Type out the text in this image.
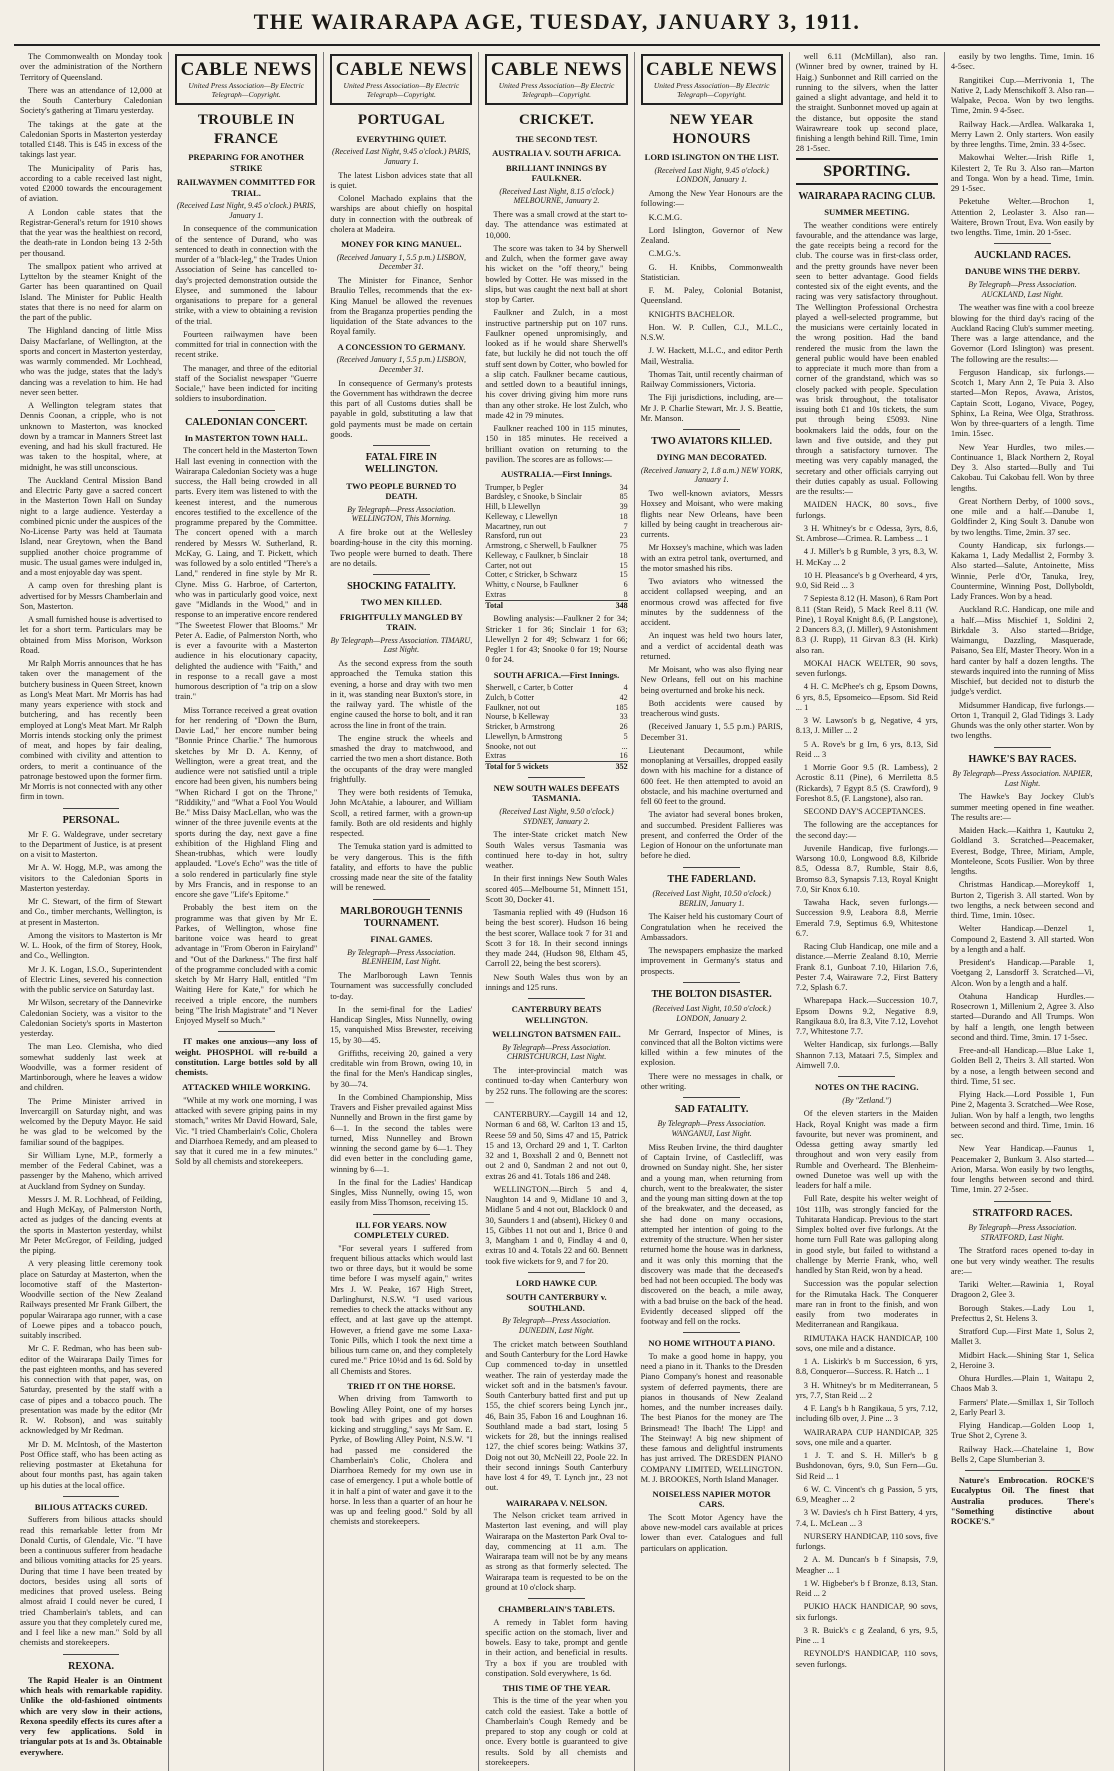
THE WAIRARAPA AGE, TUESDAY, JANUARY 3, 1911.

The Commonwealth on Monday took over the administration of the Northern Territory of Queensland.

There was an attendance of 12,000 at the South Canterbury Caledonian Society's gathering at Timaru yesterday.

The takings at the gate at the Caledonian Sports in Masterton yesterday totalled £148. This is £45 in excess of the takings last year.

The Municipality of Paris has, according to a cable received last night, voted £2000 towards the encouragement of aviation.

A London cable states that the Registrar-General's return for 1910 shows that the year was the healthiest on record, the death-rate in London being 13 2-5th per thousand.

The smallpox patient who arrived at Lyttelton by the steamer Knight of the Garter has been quarantined on Quail Island. The Minister for Public Health states that there is no need for alarm on the part of the public.

The Highland dancing of little Miss Daisy Macfarlane, of Wellington, at the sports and concert in Masterton yesterday, was warmly commended. Mr Lochhead, who was the judge, states that the lady's dancing was a revelation to him. He had never seen better.

A Wellington telegram states that Dennis Coonan, a cripple, who is not unknown to Masterton, was knocked down by a tramcar in Manners Street last evening, and had his skull fractured. He was taken to the hospital, where, at midnight, he was still unconscious.

The Auckland Central Mission Band and Electric Party gave a sacred concert in the Masterton Town Hall on Sunday night to a large audience. Yesterday a combined picnic under the auspices of the No-License Party was held at Taumata Island, near Greytown, when the Band supplied another choice programme of music. The usual games were indulged in, and a most enjoyable day was spent.

A camp oven for threshing plant is advertised for by Messrs Chamberlain and Son, Masterton.

A small furnished house is advertised to let for a short term. Particulars may be obtained from Miss Morison, Workson Road.

Mr Ralph Morris announces that he has taken over the management of the butchery business in Queen Street, known as Long's Meat Mart. Mr Morris has had many years experience with stock and butchering, and has recently been employed at Long's Meat Mart. Mr Ralph Morris intends stocking only the primest of meat, and hopes by fair dealing, combined with civility and attention to orders, to merit a continuance of the patronage bestowed upon the former firm. Mr Morris is not connected with any other firm in town.

PERSONAL.

Mr F. G. Waldegrave, under secretary to the Department of Justice, is at present on a visit to Masterton.

Mr A. W. Hogg, M.P., was among the visitors to the Caledonian Sports in Masterton yesterday.

Mr C. Stewart, of the firm of Stewart and Co., timber merchants, Wellington, is at present in Masterton.

Among the visitors to Masterton is Mr W. L. Hook, of the firm of Storey, Hook, and Co., Wellington.

Mr J. K. Logan, I.S.O., Superintendent of Electric Lines, severed his connection with the public service on Saturday last.

Mr Wilson, secretary of the Dannevirke Caledonian Society, was a visitor to the Caledonian Society's sports in Masterton yesterday.

The man Leo. Clemisha, who died somewhat suddenly last week at Woodville, was a former resident of Martinborough, where he leaves a widow and children.

The Prime Minister arrived in Invercargill on Saturday night, and was welcomed by the Deputy Mayor. He said he was glad to be welcomed by the familiar sound of the bagpipes.

Sir William Lyne, M.P., formerly a member of the Federal Cabinet, was a passenger by the Maheno, which arrived at Auckland from Sydney on Sunday.

Messrs J. M. R. Lochhead, of Feilding, and Hugh McKay, of Palmerston North, acted as judges of the dancing events at the sports in Masterton yesterday, whilst Mr Peter McGregor, of Feilding, judged the piping.

A very pleasing little ceremony took place on Saturday at Masterton, when the locomotive staff of the Masterton-Woodville section of the New Zealand Railways presented Mr Frank Gilbert, the popular Wairarapa ago runner, with a case of Loewe pipes and a tobacco pouch, suitably inscribed.

Mr C. F. Redman, who has been sub-editor of the Wairarapa Daily Times for the past eighteen months, and has severed his connection with that paper, was, on Saturday, presented by the staff with a case of pipes and a tobacco pouch. The presentation was made by the editor (Mr R. W. Robson), and was suitably acknowledged by Mr Redman.

Mr D. M. McIntosh, of the Masterton Post Office staff, who has been acting as relieving postmaster at Eketahuna for about four months past, has again taken up his duties at the local office.

BILIOUS ATTACKS CURED.

Sufferers from bilious attacks should read this remarkable letter from Mr Donald Curtis, of Glendale, Vic. "I have been a continuous sufferer from headache and bilious vomiting attacks for 25 years. During that time I have been treated by doctors, besides using all sorts of medicines that proved useless. Being almost afraid I could never be cured, I tried Chamberlain's tablets, and can assure you that they completely cured me, and I feel like a new man." Sold by all chemists and storekeepers.

REXONA.

The Rapid Healer is an Ointment which heals with remarkable rapidity. Unlike the old-fashioned ointments which are very slow in their actions, Rexona speedily effects its cures after a very few applications. Sold in triangular pots at 1s and 3s. Obtainable everywhere.

CABLE NEWS
United Press Association—By Electric Telegraph—Copyright.
TROUBLE IN FRANCE
PREPARING FOR ANOTHER STRIKE
RAILWAYMEN COMMITTED FOR TRIAL.
(Received Last Night, 9.45 o'clock.) PARIS, January 1.

In consequence of the communication of the sentence of Durand, who was sentenced to death in connection with the murder of a "black-leg," the Trades Union Association of Seine has cancelled to-day's projected demonstration outside the Elysee, and summoned the labour organisations to prepare for a general strike, with a view to obtaining a revision of the trial.

Fourteen railwaymen have been committed for trial in connection with the recent strike.

The manager, and three of the editorial staff of the Socialist newspaper "Guerre Sociale," have been indicted for inciting soldiers to insubordination.

CALEDONIAN CONCERT.
In MASTERTON TOWN HALL.

The concert held in the Masterton Town Hall last evening in connection with the Wairarapa Caledonian Society was a huge success, the Hall being crowded in all parts. Every item was listened to with the keenest interest, and the numerous encores testified to the excellence of the programme prepared by the Committee. The concert opened with a march rendered by Messrs W. Sutherland, R. McKay, G. Laing, and T. Pickett, which was followed by a solo entitled "There's a Land," rendered in fine style by Mr R. Clyne. Miss G. Harbroe, of Carterton, who was in particularly good voice, next gave "Midlands in the Wood," and in response to an imperative encore rendered "The Sweetest Flower that Blooms." Mr Peter A. Eadie, of Palmerston North, who is ever a favourite with a Masterton audience in his elocutionary capacity, delighted the audience with "Faith," and in response to a recall gave a most humorous description of "a trip on a slow train."

Miss Torrance received a great ovation for her rendering of "Down the Burn, Davie Lad," her encore number being "Bonnie Prince Charlie." The humorous sketches by Mr D. A. Kenny, of Wellington, were a great treat, and the audience were not satisfied until a triple encore had been given, his numbers being "When Richard I got on the Throne," "Riddikity," and "What a Fool You Would Be." Miss Daisy MacLellan, who was the winner of the three juvenile events at the sports during the day, next gave a fine exhibition of the Highland Fling and Shean-trubhas, which were loudly applauded. "Love's Echo" was the title of a solo rendered in particularly fine style by Mrs Francis, and in response to an encore she gave "Life's Epitome."

Probably the best item on the programme was that given by Mr E. Parkes, of Wellington, whose fine baritone voice was heard to great advantage in "From Oberon in Fairyland" and "Out of the Darkness." The first half of the programme concluded with a comic sketch by Mr Harry Hall, entitled "I'm Waiting Here for Kate," for which he received a triple encore, the numbers being "The Irish Magistrate" and "I Never Enjoyed Myself so Much."

IT makes one anxious—any loss of weight. PHOSPHOL will re-build a constitution. Large bottles sold by all chemists.

ATTACKED WHILE WORKING.

"While at my work one morning, I was attacked with severe griping pains in my stomach," writes Mr David Howard, Sale, Vic. "I tried Chamberlain's Colic, Cholera and Diarrhoea Remedy, and am pleased to say that it cured me in a few minutes." Sold by all chemists and storekeepers.

CABLE NEWS
United Press Association—By Electric Telegraph—Copyright.
PORTUGAL
EVERYTHING QUIET.
(Received Last Night, 9.45 o'clock.) PARIS, January 1.

The latest Lisbon advices state that all is quiet.

Colonel Machado explains that the warships are about chiefly on hospital duty in connection with the outbreak of cholera at Madeira.

MONEY FOR KING MANUEL.
(Received January 1, 5.5 p.m.) LISBON, December 31.

The Minister for Finance, Senhor Braulio Telles, recommends that the ex-King Manuel be allowed the revenues from the Braganza properties pending the liquidation of the State advances to the Royal family.

A CONCESSION TO GERMANY.
(Received January 1, 5.5 p.m.) LISBON, December 31.

In consequence of Germany's protests the Government has withdrawn the decree this part of all Customs duties shall be payable in gold, substituting a law that gold payments must be made on certain goods.

FATAL FIRE IN WELLINGTON.
TWO PEOPLE BURNED TO DEATH.
By Telegraph—Press Association. WELLINGTON, This Morning.

A fire broke out at the Wellesley boarding-house in the city this morning. Two people were burned to death. There are no details.

SHOCKING FATALITY.
TWO MEN KILLED.
FRIGHTFULLY MANGLED BY TRAIN.
By Telegraph—Press Association. TIMARU, Last Night.

As the second express from the south approached the Temuka station this evening, a horse and dray with two men in it, was standing near Buxton's store, in the railway yard. The whistle of the engine caused the horse to bolt, and it ran across the line in front of the train.

The engine struck the wheels and smashed the dray to matchwood, and carried the two men a short distance. Both the occupants of the dray were mangled frightfully.

They were both residents of Temuka, John McAtahie, a labourer, and William Scoll, a retired farmer, with a grown-up family. Both are old residents and highly respected.

The Temuka station yard is admitted to be very dangerous. This is the fifth fatality, and efforts to have the public crossing made near the site of the fatality will be renewed.

MARLBOROUGH TENNIS TOURNAMENT.
FINAL GAMES.
By Telegraph—Press Association. BLENHEIM, Last Night.

The Marlborough Lawn Tennis Tournament was successfully concluded to-day.

In the semi-final for the Ladies' Handicap Singles, Miss Nunnelly, owing 15, vanquished Miss Brewster, receiving 15, by 30—45.

Griffiths, receiving 20, gained a very creditable win from Brown, owing 10, in the final for the Men's Handicap singles, by 30—74.

In the Combined Championship, Miss Travers and Fisher prevailed against Miss Nunnelly and Brown in the first game by 6—1. In the second the tables were turned, Miss Nunnelley and Brown winning the second game by 6—1. They did even better in the concluding game, winning by 6—1.

In the final for the Ladies' Handicap Singles, Miss Nunnelly, owing 15, won easily from Miss Thomson, receiving 15.

ILL FOR YEARS. NOW COMPLETELY CURED.

"For several years I suffered from frequent bilious attacks which would last two or three days, but it would be some time before I was myself again," writes Mrs J. W. Peake, 167 High Street, Darlinghurst, N.S.W. "I used various remedies to check the attacks without any effect, and at last gave up the attempt. However, a friend gave me some Laxa-Tonic Pills, which I took the next time a bilious turn came on, and they completely cured me." Price 10½d and 1s 6d. Sold by all Chemists and Stores.

TRIED IT ON THE HORSE.

When driving from Tamworth to Bowling Alley Point, one of my horses took bad with gripes and got down kicking and struggling," says Mr Sam. E. Pyrke, of Bowling Alley Point, N.S.W. "I had passed me considered the Chamberlain's Colic, Cholera and Diarrhoea Remedy for my own use in case of emergency. I put a whole bottle of it in half a pint of water and gave it to the horse. In less than a quarter of an hour he was up and feeling good." Sold by all chemists and storekeepers.

CABLE NEWS
United Press Association—By Electric Telegraph—Copyright.
CRICKET.
THE SECOND TEST.
AUSTRALIA V. SOUTH AFRICA.
BRILLIANT INNINGS BY FAULKNER.
(Received Last Night, 8.15 o'clock.) MELBOURNE, January 2.

There was a small crowd at the start to-day. The attendance was estimated at 10,000.

The score was taken to 34 by Sherwell and Zulch, when the former gave away his wicket on the "off theory," being bowled by Cotter. He was missed in the slips, but was caught the next ball at short stop by Carter.

Faulkner and Zulch, in a most instructive partnership put on 107 runs. Faulkner opened unpromisingly, and looked as if he would share Sherwell's fate, but luckily he did not touch the off stuff sent down by Cotter, who bowled for a slip catch. Faulkner became cautious, and settled down to a beautiful innings, his cover driving giving him more runs than any other stroke. He lost Zulch, who made 42 in 79 minutes.

Faulkner reached 100 in 115 minutes, 150 in 185 minutes. He received a brilliant ovation on returning to the pavilion. The scores are as follows:—

AUSTRALIA.—First Innings.
Trumper, b Pegler	34
Bardsley, c Snooke, b Sinclair	85
Hill, b Llewellyn	39
Kelleway, c Llewellyn	18
Macartney, run out	7
Ransford, run out	23
Armstrong, c Sherwell, b Faulkner	75
Kelleway, c Faulkner, b Sinclair	18
Carter, not out	15
Cotter, c Stricker, b Schwarz	15
Whitty, c Nourse, b Faulkner	6
Extras	8
Total	348

Bowling analysis:—Faulkner 2 for 34; Stricker 1 for 36; Sinclair 1 for 63; Llewellyn 2 for 49; Schwarz 1 for 66; Pegler 1 for 43; Snooke 0 for 19; Nourse 0 for 24.

SOUTH AFRICA.—First Innings.
Sherwell, c Carter, b Cotter	4
Zulch, b Cotter	42
Faulkner, not out	185
Nourse, b Kelleway	33
Stricker, b Armstrong	26
Llewellyn, b Armstrong	5
Snooke, not out	...
Extras	16
Total for 5 wickets	352
NEW SOUTH WALES DEFEATS TASMANIA.
(Received Last Night, 9.50 o'clock.) SYDNEY, January 2.

The inter-State cricket match New South Wales versus Tasmania was continued here to-day in hot, sultry weather.

In their first innings New South Wales scored 405—Melbourne 51, Minnett 151, Scott 30, Docker 41.

Tasmania replied with 49 (Hudson 16 being the best scorer). Hudson 16 being the best scorer, Wallace took 7 for 31 and Scott 3 for 18. In their second innings they made 244, (Hudson 98, Eltham 45, Carroll 22, being the best scorers).

New South Wales thus won by an innings and 125 runs.

CANTERBURY BEATS WELLINGTON.
WELLINGTON BATSMEN FAIL.
By Telegraph—Press Association. CHRISTCHURCH, Last Night.

The inter-provincial match was continued to-day when Canterbury won by 252 runs. The following are the scores:—

CANTERBURY.—Caygill 14 and 12, Norman 6 and 68, W. Carlton 13 and 15, Reese 59 and 50, Sims 47 and 15, Patrick 15 and 13, Orchard 29 and 1, T. Carlton 32 and 1, Boxshall 2 and 0, Bennett not out 2 and 0, Sandman 2 and not out 0, extras 26 and 41. Totals 186 and 248.

WELLINGTON.—Birch 5 and 4, Naughton 14 and 9, Midlane 10 and 3, Midlane 5 and 4 not out, Blacklock 0 and 30, Saunders 1 and (absent), Hickey 0 and 15, Gibbes 11 not out and 1, Brice 0 and 3, Mangham 1 and 0, Findlay 4 and 0, extras 10 and 4. Totals 22 and 60. Bennett took five wickets for 9, and 7 for 20.

LORD HAWKE CUP.
SOUTH CANTERBURY v. SOUTHLAND.
By Telegraph—Press Association. DUNEDIN, Last Night.

The cricket match between Southland and South Canterbury for the Lord Hawke Cup commenced to-day in unsettled weather. The rain of yesterday made the wicket soft and in the batsmen's favour. South Canterbury batted first and put up 155, the chief scorers being Lynch jnr., 46, Bain 35, Fabon 16 and Loughnan 16. Southland made a bad start, losing 5 wickets for 28, but the innings realised 127, the chief scores being: Watkins 37, Doig not out 30, McNeill 22, Poole 22. In their second innings South Canterbury have lost 4 for 49, T. Lynch jnr., 23 not out.

WAIRARAPA V. NELSON.

The Nelson cricket team arrived in Masterton last evening, and will play Wairarapa on the Masterton Park Oval to-day, commencing at 11 a.m. The Wairarapa team will not be by any means as strong as that formerly selected. The Wairarapa team is requested to be on the ground at 10 o'clock sharp.

CHAMBERLAIN'S TABLETS.

A remedy in Tablet form having specific action on the stomach, liver and bowels. Easy to take, prompt and gentle in their action, and beneficial in results. Try a box if you are troubled with constipation. Sold everywhere, 1s 6d.

THIS TIME OF THE YEAR.

This is the time of the year when you catch cold the easiest. Take a bottle of Chamberlain's Cough Remedy and be prepared to stop any cough or cold at once. Every bottle is guaranteed to give results. Sold by all chemists and storekeepers.

CABLE NEWS
United Press Association—By Electric Telegraph—Copyright.
NEW YEAR HONOURS
LORD ISLINGTON ON THE LIST.
(Received Last Night, 9.45 o'clock.) LONDON, January 1.

Among the New Year Honours are the following:—

K.C.M.G.

Lord Islington, Governor of New Zealand.

C.M.G.'s.

G. H. Knibbs, Commonwealth Statistician.

F. M. Paley, Colonial Botanist, Queensland.

KNIGHTS BACHELOR.

Hon. W. P. Cullen, C.J., M.L.C., N.S.W.

J. W. Hackett, M.L.C., and editor Perth Mail, Westralia.

Thomas Tait, until recently chairman of Railway Commissioners, Victoria.

The Fiji jurisdictions, including, are—Mr J. P. Charlie Stewart, Mr. J. S. Beattie, Mr. Manson.

TWO AVIATORS KILLED.
DYING MAN DECORATED.
(Received January 2, 1.8 a.m.) NEW YORK, January 1.

Two well-known aviators, Messrs Hoxsey and Moisant, who were making flights near New Orleans, have been killed by being caught in treacherous air-currents.

Mr Hoxsey's machine, which was laden with an extra petrol tank, overturned, and the motor smashed his ribs.

Two aviators who witnessed the accident collapsed weeping, and an enormous crowd was affected for five minutes by the suddenness of the accident.

An inquest was held two hours later, and a verdict of accidental death was returned.

Mr Moisant, who was also flying near New Orleans, fell out on his machine being overturned and broke his neck.

Both accidents were caused by treacherous wind gusts.

(Received January 1, 5.5 p.m.) PARIS, December 31.

Lieutenant Decaumont, while monoplaning at Versailles, dropped easily down with his machine for a distance of 600 feet. He then attempted to avoid an obstacle, and his machine overturned and fell 60 feet to the ground.

The aviator had several bones broken, and succumbed. President Fallieres was present, and conferred the Order of the Legion of Honour on the unfortunate man before he died.

THE FADERLAND.
(Received Last Night, 10.50 o'clock.) BERLIN, January 1.

The Kaiser held his customary Court of Congratulation when he received the Ambassadors.

The newspapers emphasize the marked improvement in Germany's status and prospects.

THE BOLTON DISASTER.
(Received Last Night, 10.50 o'clock.) LONDON, January 2.

Mr Gerrard, Inspector of Mines, is convinced that all the Bolton victims were killed within a few minutes of the explosion.

There were no messages in chalk, or other writing.

SAD FATALITY.
By Telegraph—Press Association. WANGANUI, Last Night.

Miss Reuben Irvine, the third daughter of Captain Irvine, of Castlecliff, was drowned on Sunday night. She, her sister and a young man, when returning from church, went to the breakwater, the sister and the young man sitting down at the top of the breakwater, and the deceased, as she had done on many occasions, attempted her intention of going to the extremity of the structure. When her sister returned home the house was in darkness, and it was only this morning that the discovery was made that the deceased's bed had not been occupied. The body was discovered on the beach, a mile away, with a bad bruise on the back of the head. Evidently deceased slipped off the footway and fell on the rocks.

NO HOME WITHOUT A PIANO.

To make a good home in happy, you need a piano in it. Thanks to the Dresden Piano Company's honest and reasonable system of deferred payments, there are pianos in thousands of New Zealand homes, and the number increases daily. The best Pianos for the money are The Brinsmead! The Ibach! The Lipp! and The Steinway! A big new shipment of these famous and delightful instruments has just arrived. The DRESDEN PIANO COMPANY LIMITED, WELLINGTON. M. J. BROOKES, North Island Manager.

NOISELESS NAPIER MOTOR CARS.

The Scott Motor Agency have the above new-model cars available at prices lower than ever. Catalogues and full particulars on application.

well 6.11 (McMillan), also ran. (Winner bred by owner, trained by H. Haig.) Sunbonnet and Rill carried on the running to the silvers, when the latter gained a slight advantage, and held it to the straight. Sunbonnet moved up again at the distance, but opposite the stand Wairawreare took up second place, finishing a length behind Rill. Time, 1min 28 1-5sec.

SPORTING.
WAIRARAPA RACING CLUB.
SUMMER MEETING.

The weather conditions were entirely favourable, and the attendance was large, the gate receipts being a record for the club. The course was in first-class order, and the pretty grounds have never been seen to better advantage. Good fields contested six of the eight events, and the racing was very satisfactory throughout. The Wellington Professional Orchestra played a well-selected programme, but the musicians were certainly located in the wrong position. Had the band rendered the music from the lawn the general public would have been enabled to appreciate it much more than from a corner of the grandstand, which was so closely packed with people. Speculation was brisk throughout, the totalisator issuing both £1 and 10s tickets, the sum put through being £5093. Nine bookmakers laid the odds, four on the lawn and five outside, and they put through a satisfactory turnover. The meeting was very capably managed, the secretary and other officials carrying out their duties capably as usual. Following are the results:—

MAIDEN HACK, 80 sovs., five furlongs.

3 H. Whitney's br c Odessa, 3yrs, 8.6, St. Ambrose—Crimea. R. Lambess ... 1

4 J. Miller's b g Rumble, 3 yrs, 8.3, W. H. McKay ... 2

10 H. Pleasance's b g Overheard, 4 yrs, 9.0, Sid Reid ... 3

7 Sepiesta 8.12 (H. Mason), 6 Ram Port 8.11 (Stan Reid), 5 Mack Reel 8.11 (W. Pine), 1 Royal Knight 8.6, (P. Langstone), 2 Dancers 8.3, (J. Miller), 9 Astonishment 8.3 (J. Rupp), 11 Girvan 8.3 (H. Kirk) also ran.

MOKAI HACK WELTER, 90 sovs, seven furlongs.

4 H. C. McPhee's ch g, Epsom Downs, 6 yrs, 8.5, Epsomeico—Epsom. Sid Reid ... 1

3 W. Lawson's b g, Negative, 4 yrs, 8.13, J. Miller ... 2

5 A. Rove's br g Irn, 6 yrs, 8.13, Sid Reid ... 3

1 Morrie Goor 9.5 (R. Lambess), 2 Acrostic 8.11 (Pine), 6 Merriletta 8.5 (Rickards), 7 Egypt 8.5 (S. Crawford), 9 Foreshot 8.5, (F. Langstone), also ran.

SECOND DAY'S ACCEPTANCES.

The following are the acceptances for the second day:—

Juvenile Handicap, five furlongs.—Warsong 10.0, Longwood 8.8, Kilbride 8.5, Odessa 8.7, Rumble, Stair 8.6, Bromso 8.3, Synapsis 7.13, Royal Knight 7.0, Sir Knox 6.10.

Tawaha Hack, seven furlongs.—Succession 9.9, Leabora 8.8, Merrie Emerald 7.9, Septimus 6.9, Whitestone 6.7.

Racing Club Handicap, one mile and a distance.—Merrie Zealand 8.10, Merrie Frank 8.1, Gunboat 7.10, Hilarion 7.6, Pester 7.4, Wairaware 7.2, First Battery 7.2, Splash 6.7.

Wharepapa Hack.—Succession 10.7, Epsom Downs 9.2, Negative 8.9, Rangikaua 8.0, Ira 8.3, Vite 7.12, Lovehot 7.7, Whitestone 7.7.

Welter Handicap, six furlongs.—Bally Shannon 7.13, Mataari 7.5, Simplex and Aimwell 7.0.

NOTES ON THE RACING.
(By "Zetland.")

Of the eleven starters in the Maiden Hack, Royal Knight was made a firm favourite, but never was prominent, and Odessa getting away smartly led throughout and won very easily from Rumble and Overheard. The Blenheim-owned Dunetoe was well up with the leaders for half a mile.

Full Rate, despite his welter weight of 10st 11lb, was strongly fancied for the Tuhitarata Handicap. Previous to the start Simplex bolted over five furlongs. At the home turn Full Rate was galloping along in good style, but failed to withstand a challenge by Merrie Frank, who, well handled by Stan Reid, won by a head.

Succession was the popular selection for the Rimutaka Hack. The Conquerer mare ran in front to the finish, and won easily from two moderates in Mediterranean and Rangikaua.

RIMUTAKA HACK HANDICAP, 100 sovs, one mile and a distance.

1 A. Liskirk's b m Succession, 6 yrs, 8.8, Conqueror—Success. R. Hatch ... 1

3 H. Whitney's br m Mediterranean, 5 yrs, 7.7, Stan Reid ... 2

4 F. Lang's b h Rangikaua, 5 yrs, 7.12, including 6lb over, J. Pine ... 3

WAIRARAPA CUP HANDICAP, 325 sovs, one mile and a quarter.

1 J. T. and S. H. Miller's b g Bushdonovan, 6yrs, 9.0, Sun Fern—Gu. Sid Reid ... 1

6 W. C. Vincent's ch g Passion, 5 yrs, 6.9, Meagher ... 2

3 W. Davies's ch h First Battery, 4 yrs, 7.4, L. McLean ... 3

NURSERY HANDICAP, 110 sovs, five furlongs.

2 A. M. Duncan's b f Sinapsis, 7.9, Meagher ... 1

1 W. Higbeber's b f Bronze, 8.13, Stan. Reid ... 2

PUKIO HACK HANDICAP, 90 sovs, six furlongs.

3 R. Buick's c g Zealand, 6 yrs, 9.5, Pine ... 1

REYNOLD'S HANDICAP, 110 sovs, seven furlongs.

easily by two lengths. Time, 1min. 16 4-5sec.

Rangitikei Cup.—Merrivonia 1, The Native 2, Lady Menschikoff 3. Also ran—Walpake, Pecoa. Won by two lengths. Time, 2min. 9 4-5sec.

Railway Hack.—Ardlea. Walkaraka 1, Merry Lawn 2. Only starters. Won easily by three lengths. Time, 2min. 33 4-5sec.

Makowhai Welter.—Irish Rifle 1, Kilestert 2, Te Ru 3. Also ran—Marton and Tonga. Won by a head. Time, 1min. 29 1-5sec.

Peketuhe Welter.—Brochon 1, Attention 2, Leolaster 3. Also ran—Waitere, Brown Trout, Eva. Won easily by two lengths. Time, 1min. 20 1-5sec.

AUCKLAND RACES.
DANUBE WINS THE DERBY.
By Telegraph—Press Association. AUCKLAND, Last Night.

The weather was fine with a cool breeze blowing for the third day's racing of the Auckland Racing Club's summer meeting. There was a large attendance, and the Governor (Lord Islington) was present. The following are the results:—

Ferguson Handicap, six furlongs.—Scotch 1, Mary Ann 2, Te Puia 3. Also started—Mon Repos, Avawa, Aristos, Captain Scott, Logano, Vivace, Pogey, Sphinx, La Reina, Wee Olga, Strathross. Won by three-quarters of a length. Time 1min. 15sec.

New Year Hurdles, two miles.—Continuance 1, Black Northern 2, Royal Dey 3. Also started—Bully and Tui Cakobau. Tui Cakobau fell. Won by three lengths.

Great Northern Derby, of 1000 sovs., one mile and a half.—Danube 1, Goldfinder 2, King Soult 3. Danube won by two lengths. Time, 2min. 37 sec.

County Handicap, six furlongs.—Kakama 1, Lady Medallist 2, Formby 3. Also started—Salute, Antoinette, Miss Winnie, Perle d'Or, Tanuka, Irey, Countermine, Winning Post, Dollyboldt, Lady Frances. Won by a head.

Auckland R.C. Handicap, one mile and a half.—Miss Mischief 1, Soldini 2, Birkdale 3. Also started—Bridge, Waimangu, Dazzling, Masquerade, Paisano, Sea Elf, Master Theory. Won in a hard canter by half a dozen lengths. The stewards inquired into the running of Miss Mischief, but decided not to disturb the judge's verdict.

Midsummer Handicap, five furlongs.—Orton 1, Tranquil 2, Glad Tidings 3. Lady Ghunds was the only other starter. Won by two lengths.

HAWKE'S BAY RACES.
By Telegraph—Press Association. NAPIER, Last Night.

The Hawke's Bay Jockey Club's summer meeting opened in fine weather. The results are:—

Maiden Hack.—Kaithra 1, Kautuku 2, Goldland 3. Scratched—Peacemaker, Everest, Bodge, Three, Miriam, Ample, Monteleone, Scots Fusilier. Won by three lengths.

Christmas Handicap.—Moreykoff 1, Burton 2, Tigerish 3. All started. Won by two lengths, a neck between second and third. Time, 1min. 10sec.

Welter Handicap.—Denzel 1, Compound 2, Eastend 3. All started. Won by a length and a half.

President's Handicap.—Parable 1, Voetgang 2, Lansdorff 3. Scratched—Vi, Alcon. Won by a length and a half.

Otahuna Handicap Hurdles.—Rosecrown 1, Millenium 2, Agree 3. Also started—Durando and All Trumps. Won by half a length, one length between second and third. Time, 3min. 17 1-5sec.

Free-and-all Handicap.—Blue Lake 1, Golden Bell 2, Theirs 3. All started. Won by a nose, a length between second and third. Time, 51 sec.

Flying Hack.—Lord Possible 1, Fun Pine 2, Magenta 3. Scratched—Wee Rose, Julian. Won by half a length, two lengths between second and third. Time, 1min. 16 sec.

New Year Handicap.—Faunus 1, Peacemaker 2, Bunkum 3. Also started—Arion, Marsa. Won easily by two lengths, four lengths between second and third. Time, 1min. 27 2-5sec.

STRATFORD RACES.
By Telegraph—Press Association. STRATFORD, Last Night.

The Stratford races opened to-day in one but very windy weather. The results are:—

Tariki Welter.—Rawinia 1, Royal Dragoon 2, Glee 3.

Borough Stakes.—Lady Lou 1, Prefecttus 2, St. Helens 3.

Stratford Cup.—First Mate 1, Solus 2, Mallet 3.

Midbirt Hack.—Shining Star 1, Selica 2, Heroine 3.

Ohura Hurdles.—Plain 1, Waitapu 2, Chaos Mab 3.

Farmers' Plate.—Smillax 1, Sir Tolloch 2, Early Pearl 3.

Flying Handicap.—Golden Loop 1, True Shot 2, Cyrene 3.

Railway Hack.—Chatelaine 1, Bow Bells 2, Cape Slumberian 3.

Nature's Embrocation. ROCKE'S Eucalyptus Oil. The finest that Australia produces. There's "Something distinctive about ROCKE'S."
